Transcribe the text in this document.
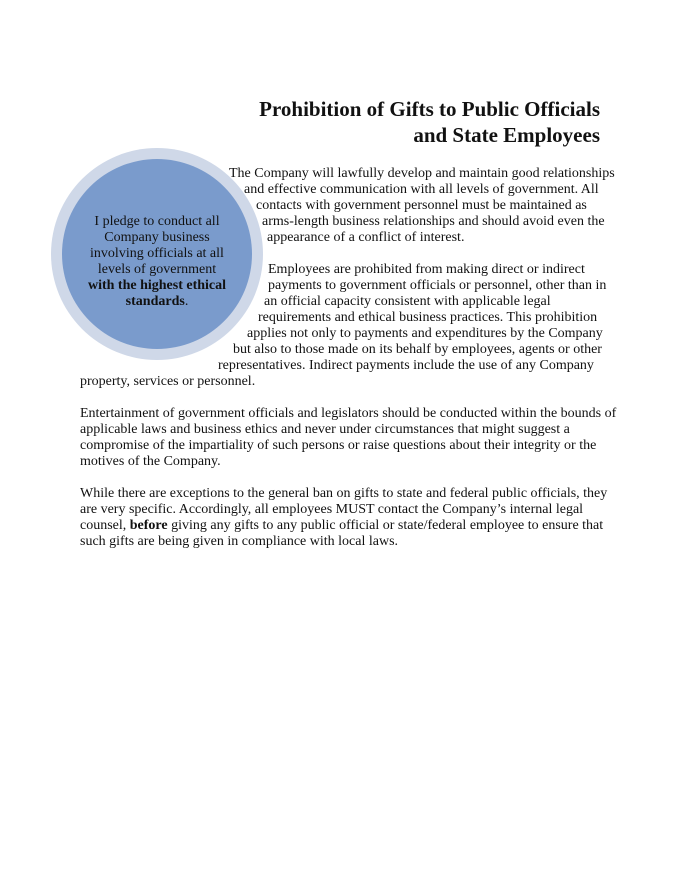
Prohibition of Gifts to Public Officials
and State Employees
I pledge to conduct all
Company business
involving officials at all
levels of government
with the highest ethical
standards.
The Company will lawfully develop and maintain good relationships
and effective communication with all levels of government. All
contacts with government personnel must be maintained as
arms-length business relationships and should avoid even the
appearance of a conflict of interest.
Employees are prohibited from making direct or indirect
payments to government officials or personnel, other than in
an official capacity consistent with applicable legal
requirements and ethical business practices. This prohibition
applies not only to payments and expenditures by the Company
but also to those made on its behalf by employees, agents or other
representatives. Indirect payments include the use of any Company
property, services or personnel.
Entertainment of government officials and legislators should be conducted within the bounds of
applicable laws and business ethics and never under circumstances that might suggest a
compromise of the impartiality of such persons or raise questions about their integrity or the
motives of the Company.
While there are exceptions to the general ban on gifts to state and federal public officials, they
are very specific. Accordingly, all employees MUST contact the Company’s internal legal
counsel, before giving any gifts to any public official or state/federal employee to ensure that
such gifts are being given in compliance with local laws.
